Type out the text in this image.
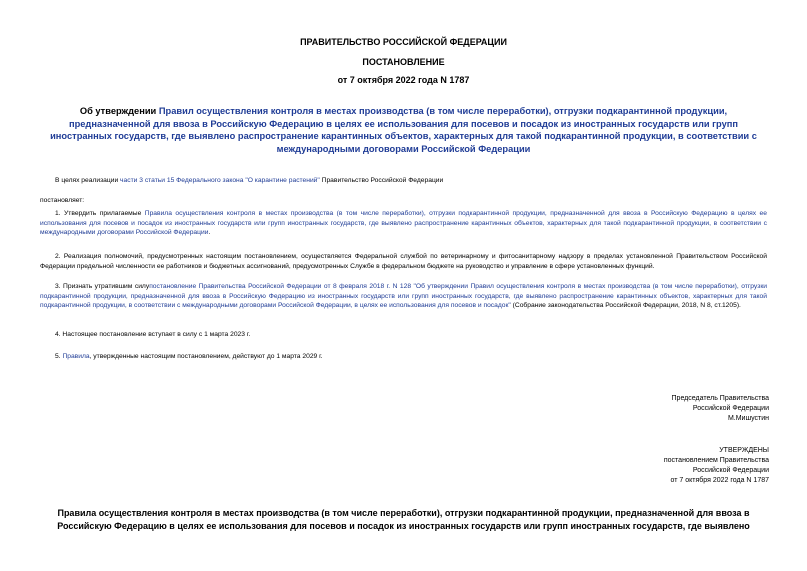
ПРАВИТЕЛЬСТВО РОССИЙСКОЙ ФЕДЕРАЦИИ
ПОСТАНОВЛЕНИЕ
от 7 октября 2022 года N 1787
Об утверждении Правил осуществления контроля в местах производства (в том числе переработки), отгрузки подкарантинной продукции, предназначенной для ввоза в Российскую Федерацию в целях ее использования для посевов и посадок из иностранных государств или групп иностранных государств, где выявлено распространение карантинных объектов, характерных для такой подкарантинной продукции, в соответствии с международными договорами Российской Федерации
В целях реализации части 3 статьи 15 Федерального закона "О карантине растений" Правительство Российской Федерации
постановляет:
1. Утвердить прилагаемые Правила осуществления контроля в местах производства (в том числе переработки), отгрузки подкарантинной продукции, предназначенной для ввоза в Российскую Федерацию в целях ее использования для посевов и посадок из иностранных государств или групп иностранных государств, где выявлено распространение карантинных объектов, характерных для такой подкарантинной продукции, в соответствии с международными договорами Российской Федерации.
2. Реализация полномочий, предусмотренных настоящим постановлением, осуществляется Федеральной службой по ветеринарному и фитосанитарному надзору в пределах установленной Правительством Российской Федерации предельной численности ее работников и бюджетных ассигнований, предусмотренных Службе в федеральном бюджете на руководство и управление в сфере установленных функций.
3. Признать утратившим силупостановление Правительства Российской Федерации от 8 февраля 2018 г. N 128 "Об утверждении Правил осуществления контроля в местах производства (в том числе переработки), отгрузки подкарантинной продукции, предназначенной для ввоза в Российскую Федерацию из иностранных государств или групп иностранных государств, где выявлено распространение карантинных объектов, характерных для такой подкарантинной продукции, в соответствии с международными договорами Российской Федерации, в целях ее использования для посевов и посадок" (Собрание законодательства Российской Федерации, 2018, N 8, ст.1205).
4. Настоящее постановление вступает в силу с 1 марта 2023 г.
5. Правила, утвержденные настоящим постановлением, действуют до 1 марта 2029 г.
Председатель Правительства
Российской Федерации
М.Мишустин
УТВЕРЖДЕНЫ
постановлением Правительства
Российской Федерации
от 7 октября 2022 года N 1787
Правила осуществления контроля в местах производства (в том числе переработки), отгрузки подкарантинной продукции, предназначенной для ввоза в Российскую Федерацию в целях ее использования для посевов и посадок из иностранных государств или групп иностранных государств, где выявлено
